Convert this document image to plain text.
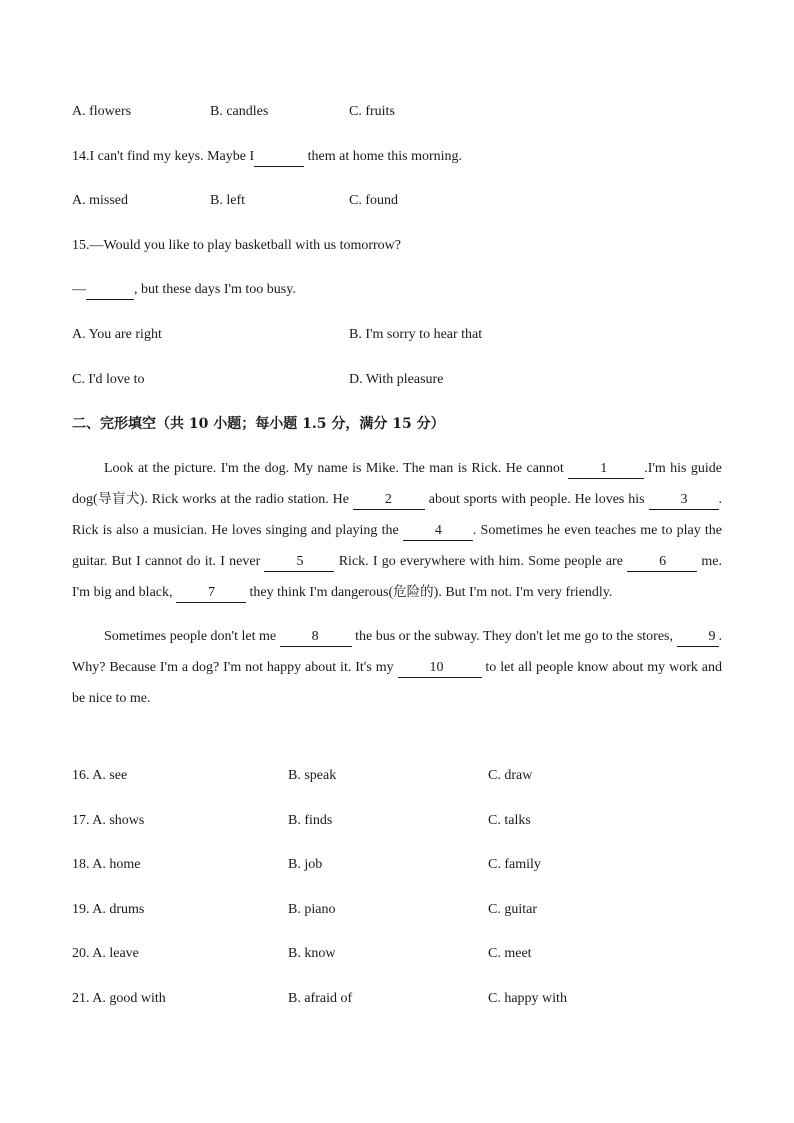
A. flowers	B. candles	C. fruits
14.I can't find my keys. Maybe I	them at home this morning.
A. missed	B. left	C. found
15.—Would you like to play basketball with us tomorrow?
—	, but these days I'm too busy.
A. You are right	B. I'm sorry to hear that
C. I'd love to	D. With pleasure
二、完形填空（共 10 小题；每小题 1.5 分，满分 15 分）

Look at the picture. I'm the dog. My name is Mike. The man is Rick. He cannot 1	.I'm his guide dog(导盲犬). Rick works at the radio station. He 2 about sports with people. He loves his 3 . Rick is also a musician. He loves singing and playing the 4 . Sometimes he even teaches me to play the guitar. But I cannot do it. I never 5 Rick. I go everywhere with him. Some people are 6 me. I'm big and black, 7 they think I'm dangerous(危险的). But I'm not. I'm very friendly.

Sometimes people don't let me 8 the bus or the subway. They don't let me go to the stores, 9 . Why? Because I'm a dog? I'm not happy about it. It's my 10	to let all people know about my work and be nice to me.

16. A. see	B. speak	C. draw
17. A. shows	B. finds	C. talks
18. A. home	B. job	C. family
19. A. drums	B. piano	C. guitar
20. A. leave	B. know	C. meet
21. A. good with	B. afraid of	C. happy with
